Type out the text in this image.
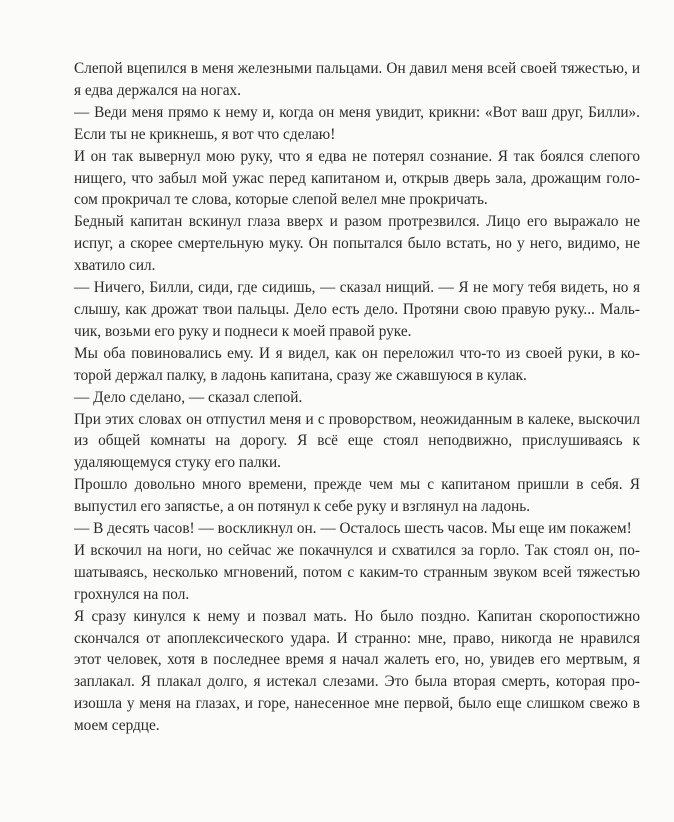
Слепой вцепился в меня железными пальцами. Он давил меня всей своей тяжестью, и я едва держался на ногах.

— Веди меня прямо к нему и, когда он меня увидит, крикни: «Вот ваш друг, Билли». Если ты не крикнешь, я вот что сделаю!

И он так вывернул мою руку, что я едва не потерял сознание. Я так боялся слепого нищего, что забыл мой ужас перед капитаном и, открыв дверь зала, дрожащим голосом прокричал те слова, которые слепой велел мне прокричать.

Бедный капитан вскинул глаза вверх и разом протрезвился. Лицо его выражало не испуг, а скорее смертельную муку. Он попытался было встать, но у него, видимо, не хватило сил.

— Ничего, Билли, сиди, где сидишь, — сказал нищий. — Я не могу тебя видеть, но я слышу, как дрожат твои пальцы. Дело есть дело. Протяни свою правую руку... Мальчик, возьми его руку и поднеси к моей правой руке.

Мы оба повиновались ему. И я видел, как он переложил что-то из своей руки, в которой держал палку, в ладонь капитана, сразу же сжавшуюся в кулак.

— Дело сделано, — сказал слепой.

При этих словах он отпустил меня и с проворством, неожиданным в калеке, выскочил из общей комнаты на дорогу. Я всё еще стоял неподвижно, прислушиваясь к удаляющемуся стуку его палки.

Прошло довольно много времени, прежде чем мы с капитаном пришли в себя. Я выпустил его запястье, а он потянул к себе руку и взглянул на ладонь.

— В десять часов! — воскликнул он. — Осталось шесть часов. Мы еще им покажем!

И вскочил на ноги, но сейчас же покачнулся и схватился за горло. Так стоял он, пошатываясь, несколько мгновений, потом с каким-то странным звуком всей тяжестью грохнулся на пол.

Я сразу кинулся к нему и позвал мать. Но было поздно. Капитан скоропостижно скончался от апоплексического удара. И странно: мне, право, никогда не нравился этот человек, хотя в последнее время я начал жалеть его, но, увидев его мертвым, я заплакал. Я плакал долго, я истекал слезами. Это была вторая смерть, которая произошла у меня на глазах, и горе, нанесенное мне первой, было еще слишком свежо в моем сердце.
